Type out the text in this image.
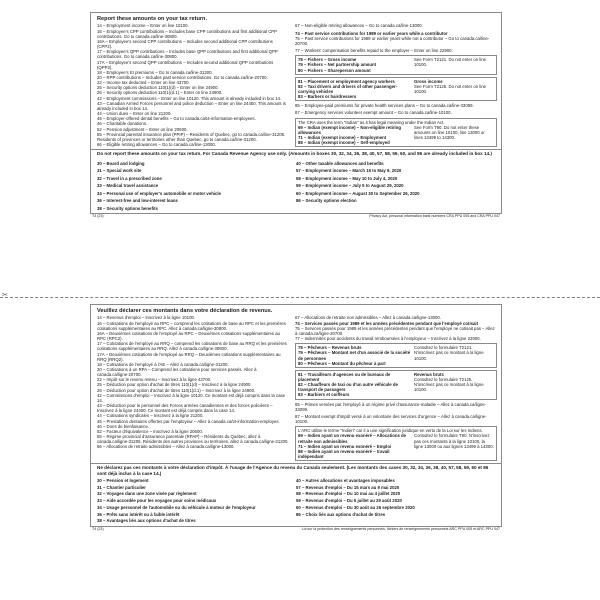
Report these amounts on your tax return.
14 – Employment income – Enter on line 10100.
16 – Employee's CPP contributions – Includes base CPP contributions and first additional CPP contributions. Go to canada.ca/line-30800.
16A – Employee's second CPP contributions – Includes second additional CPP contributions (CPP2).
17 – Employee's QPP contributions – Includes base QPP contributions and first additional QPP contributions. Go to canada.ca/line-30800.
17A – Employee's second QPP contributions – Includes second additional QPP contributions (QPP2).
18 – Employee's EI premiums – Go to canada.ca/line-31200.
20 – RPP contributions – Includes past service contributions. Go to canada.ca/line-20700.
22 – Income tax deducted – Enter on line 43700.
25 – Security options deduction 110(1)(d) – Enter on line 24900.
26 – Security options deduction 110(1)(d.1) – Enter on line 24900.
42 – Employment commissions – Enter on line 10120. This amount is already included in box 14.
43 – Canadian Armed Forces personnel and police deduction – Enter on line 24400. This amount is already included in box 14.
44 – Union dues – Enter on line 21200.
45 – Employer-offered dental benefits – Go to canada.ca/t4-information-employees.
46 – Charitable donations.
52 – Pension adjustment – Enter on line 20600.
55 – Provincial parental insurance plan (PPIP) – Residents of Quebec, go to canada.ca/line-31205. Residents of provinces or territories other than Quebec, go to canada.ca/line-31200.
66 – Eligible retiring allowances – Go to canada.ca/line-13000.
67 – Non-eligible retiring allowances – Go to canada.ca/line-13000.
74 – Past service contributions for 1989 or earlier years while a contributor
75 – Past service contributions for 1989 or earlier years while not a contributor – Go to canada.ca/line-20700.
77 – Workers' compensation benefits repaid to the employer – Enter on line 22900.
78 – Fishers – Gross income
79 – Fishers – Net partnership amount
80 – Fishers – Shareperson amount
See Form T2121. Do not enter on line 10100.
81 – Placement or employment agency workers
82 – Taxi drivers and drivers of other passenger-carrying vehicles
83 – Barbers or hairdressers
Gross income
See Form T2125. Do not enter on line 10100.
85 – Employee-paid premiums for private health services plans – Go to canada.ca/line-33099.
87 – Emergency services volunteer exempt amount – Go to canada.ca/line-10100.
The CRA uses the term "Indian" as it has legal meaning under the Indian Act.
69 – Indian (exempt income) – Non-eligible retiring allowances
71 – Indian (exempt income) – Employment
88 – Indian (exempt income) – Self-employed
See Form T90. Do not enter these amounts on line 10100, line 13000 or lines 13499 to 14300.
Do not report these amounts on your tax return. For Canada Revenue Agency use only. (Amounts in boxes 30, 32, 34, 36, 38, 40, 57, 58, 59, 60, and 86 are already included in box 14.)
30 – Board and lodging
31 – Special work site
32 – Travel in a prescribed zone
33 – Medical travel assistance
34 – Personal use of employer's automobile or motor vehicle
36 – Interest-free and low-interest loans
38 – Security options benefits
40 – Other taxable allowances and benefits
57 – Employment income – March 15 to May 9, 2020
58 – Employment income – May 10 to July 4, 2020
59 – Employment income – July 5 to August 29, 2020
60 – Employment income – August 30 to September 26, 2020
86 – Security options election
T4 (23)	Privacy Act, personal information bank numbers CRA PPU 005 and CRA PPU 047
✂
Veuillez déclarer ces montants dans votre déclaration de revenus.
14 – Revenus d'emploi – Inscrivez à la ligne 10100.
16 – Cotisations de l'employé au RPC – comprend les cotisations de base au RPC et les premières cotisations supplémentaires au RPC. Allez à canada.ca/ligne-30800.
16A – Deuxièmes cotisations de l'employé au RPC – Deuxièmes cotisations supplémentaires au RPC (RPC2).
17 – Cotisations de l'employé au RRQ – comprend les cotisations de base au RRQ et les premières cotisations supplémentaires au RRQ. Allez à canada.ca/ligne-30800.
17A – Deuxièmes cotisations de l'employé au RRQ – Deuxièmes cotisations supplémentaires au RRQ (RRQ2).
18 – Cotisations de l'employé à l'AE – Allez à canada.ca/ligne-31200.
20 – Cotisations à un RPA – Comprend les cotisations pour services passés. Allez à canada.ca/ligne-20700.
22 – Impôt sur le revenu retenu – Inscrivez à la ligne 43700.
25 – Déduction pour option d'achat de titres 110(1)d) – Inscrivez à la ligne 24900.
26 – Déduction pour option d'achat de titres 110(1)d.1) – Inscrivez à la ligne 24900.
42 – Commissions d'emploi – Inscrivez à la ligne 10120. Ce montant est déjà compris dans la case 14.
43 – Déduction pour le personnel des Forces armées canadiennes et des forces policières – Inscrivez à la ligne 24400. Ce montant est déjà compris dans la case 14.
44 – Cotisations syndicales – Inscrivez à la ligne 21200.
45 – Prestations dentaires offertes par l'employeur – Allez à canada.ca/t4-information-employes.
46 – Dons de bienfaisance.
52 – Facteur d'équivalence – Inscrivez à la ligne 20600.
55 – Régime provincial d'assurance parentale (RPAP) – Résidents du Québec, allez à canada.ca/ligne-31205. Résidents des autres provinces ou territoires, allez à canada.ca/ligne-31200.
66 – Allocations de retraite admissibles – Allez à canada.ca/ligne-13000.
67 – Allocations de retraite non admissibles – Allez à canada.ca/ligne-13000.
74 – Services passés pour 1989 et les années précédentes pendant que l'employé cotisait
75 – Services passés pour 1989 et les années précédentes pendant que l'employé ne cotisait pas – Allez à canada.ca/ligne-20700.
77 – Indemnités pour accidents du travail remboursées à l'employeur – Inscrivez à la ligne 22900.
78 – Pêcheurs – Revenus bruts
79 – Pêcheurs – Montant net d'un associé de la société de personnes
80 – Pêcheurs – Montant du pêcheur à part
Consultez le formulaire T2121. N'inscrivez pas ce montant à la ligne 10100.
81 – Travailleurs d'agences ou de bureaux de placement
82 – Chauffeurs de taxi ou d'un autre véhicule de transport de passagers
83 – Barbiers et coiffeurs
Revenus bruts
Consultez le formulaire T2125. N'inscrivez pas ce montant à la ligne 10100.
85 – Primes versées par l'employé à un régime privé d'assurance-maladie – Allez à canada.ca/ligne-33099.
87 – Montant exempt d'impôt versé à un volontaire des services d'urgence – Allez à canada.ca/ligne-10100.
L'ARC utilise le terme "Indien" car il a une signification juridique en vertu de la Loi sur les Indiens.
69 – Indien ayant un revenu exonéré – Allocations de retraite non admissibles
71 – Indien ayant un revenu exonéré – Emploi
88 – Indien ayant un revenu exonéré – travail indépendant
Consultez le formulaire T90. N'inscrivez pas ces montants à la ligne 10100, la ligne 13000 ou aux lignes 13499 à 14300.
Ne déclarez pas ces montants à votre déclaration d'impôt. À l'usage de l'Agence du revenu du Canada seulement. (Les montants des cases 30, 32, 34, 36, 38, 40, 57, 58, 59, 60 et 86 sont déjà inclus à la case 14.)
30 – Pension et logement
31 – Chantier particulier
32 – Voyages dans une zone visée par règlement
33 – Aide accordée pour les voyages pour soins médicaux
34 – Usage personnel de l'automobile ou du véhicule à moteur de l'employeur
36 – Prêts sans intérêt ou à faible intérêt
38 – Avantages liés aux options d'achat de titres
40 – Autres allocations et avantages imposables
57 – Revenus d'emploi – Du 15 mars au 9 mai 2020
58 – Revenus d'emploi – Du 10 mai au 4 juillet 2020
59 – Revenus d'emploi – Du 5 juillet au 29 août 2020
60 – Revenus d'emploi – Du 30 août au 26 septembre 2020
86 – Choix liés aux options d'achat de titres
T4 (23)	Loi sur la protection des renseignements personnels, fichiers de renseignements personnels ARC PPU 005 et ARC PPU 047
